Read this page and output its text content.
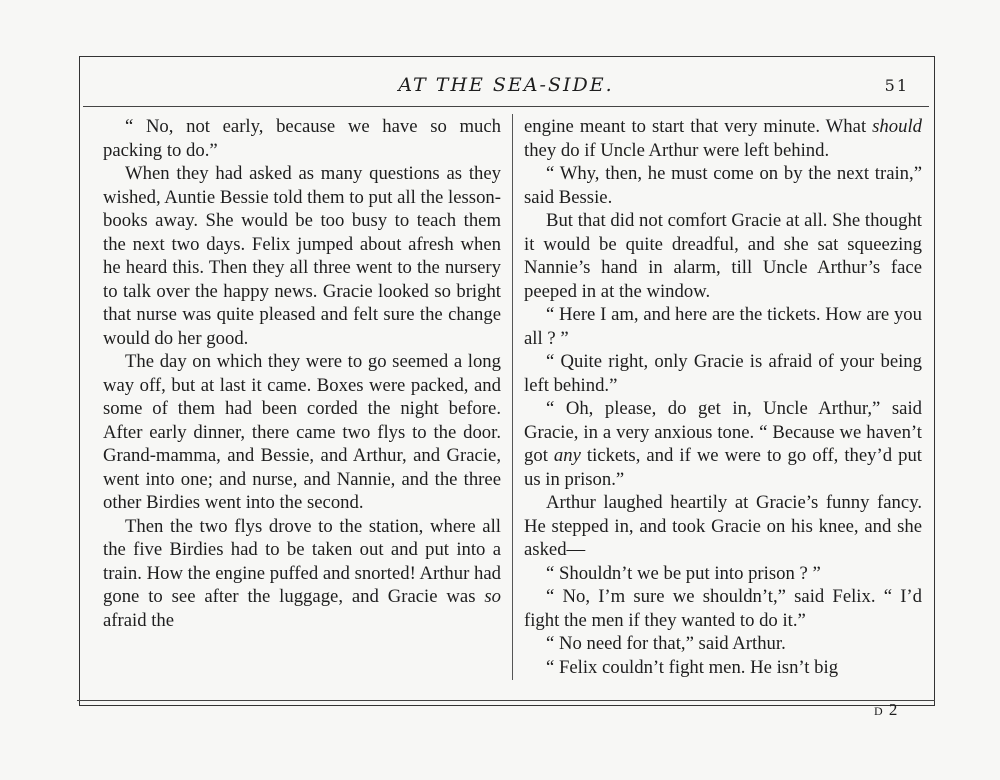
AT THE SEA-SIDE.	51

“ No, not early, because we have so much packing to do.”

When they had asked as many questions as they wished, Auntie Bessie told them to put all the lesson-books away. She would be too busy to teach them the next two days. Felix jumped about afresh when he heard this. Then they all three went to the nursery to talk over the happy news. Gracie looked so bright that nurse was quite pleased and felt sure the change would do her good.

The day on which they were to go seemed a long way off, but at last it came. Boxes were packed, and some of them had been corded the night before. After early dinner, there came two flys to the door. Grand-mamma, and Bessie, and Arthur, and Gracie, went into one; and nurse, and Nannie, and the three other Birdies went into the second.

Then the two flys drove to the station, where all the five Birdies had to be taken out and put into a train. How the engine puffed and snorted! Arthur had gone to see after the luggage, and Gracie was so afraid the

engine meant to start that very minute. What should they do if Uncle Arthur were left behind.

“ Why, then, he must come on by the next train,” said Bessie.

But that did not comfort Gracie at all. She thought it would be quite dreadful, and she sat squeezing Nannie’s hand in alarm, till Uncle Arthur’s face peeped in at the window.

“ Here I am, and here are the tickets. How are you all ? ”

“ Quite right, only Gracie is afraid of your being left behind.”

“ Oh, please, do get in, Uncle Arthur,” said Gracie, in a very anxious tone. “ Because we haven’t got any tickets, and if we were to go off, they’d put us in prison.”

Arthur laughed heartily at Gracie’s funny fancy. He stepped in, and took Gracie on his knee, and she asked—

“ Shouldn’t we be put into prison ? ”

“ No, I’m sure we shouldn’t,” said Felix. “ I’d fight the men if they wanted to do it.”

“ No need for that,” said Arthur.

“ Felix couldn’t fight men. He isn’t big

D 2
